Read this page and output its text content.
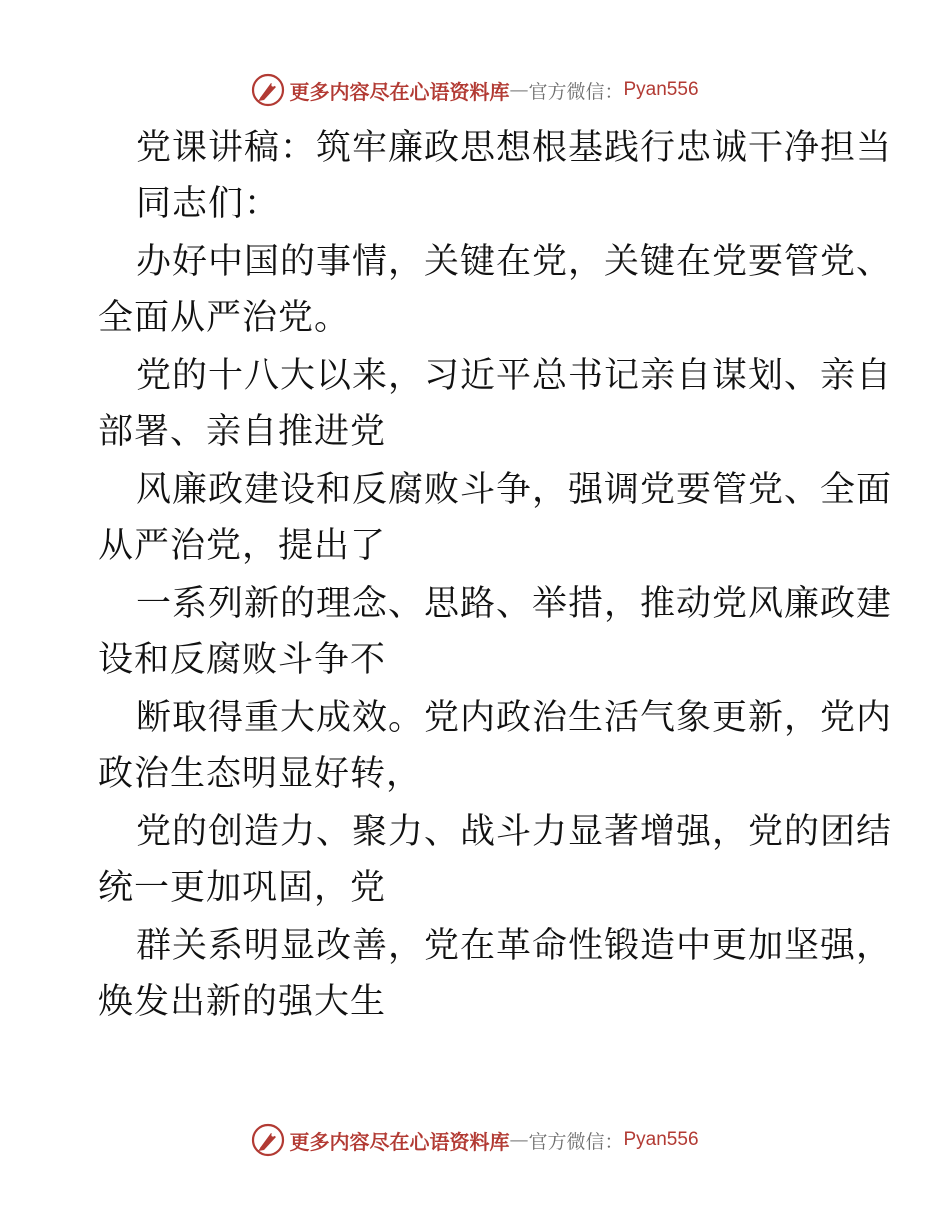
更多内容尽在心语资料库 — 官方微信： Pyan556
党课讲稿：筑牢廉政思想根基践行忠诚干净担当
同志们：
办好中国的事情，关键在党，关键在党要管党、
全面从严治党。
党的十八大以来，习近平总书记亲自谋划、亲自
部署、亲自推进党
风廉政建设和反腐败斗争，强调党要管党、全面
从严治党，提出了
一系列新的理念、思路、举措，推动党风廉政建
设和反腐败斗争不
断取得重大成效。党内政治生活气象更新，党内
政治生态明显好转，
党的创造力、聚力、战斗力显著增强，党的团结
统一更加巩固，党
群关系明显改善，党在革命性锻造中更加坚强，
焕发出新的强大生
更多内容尽在心语资料库 — 官方微信： Pyan556
